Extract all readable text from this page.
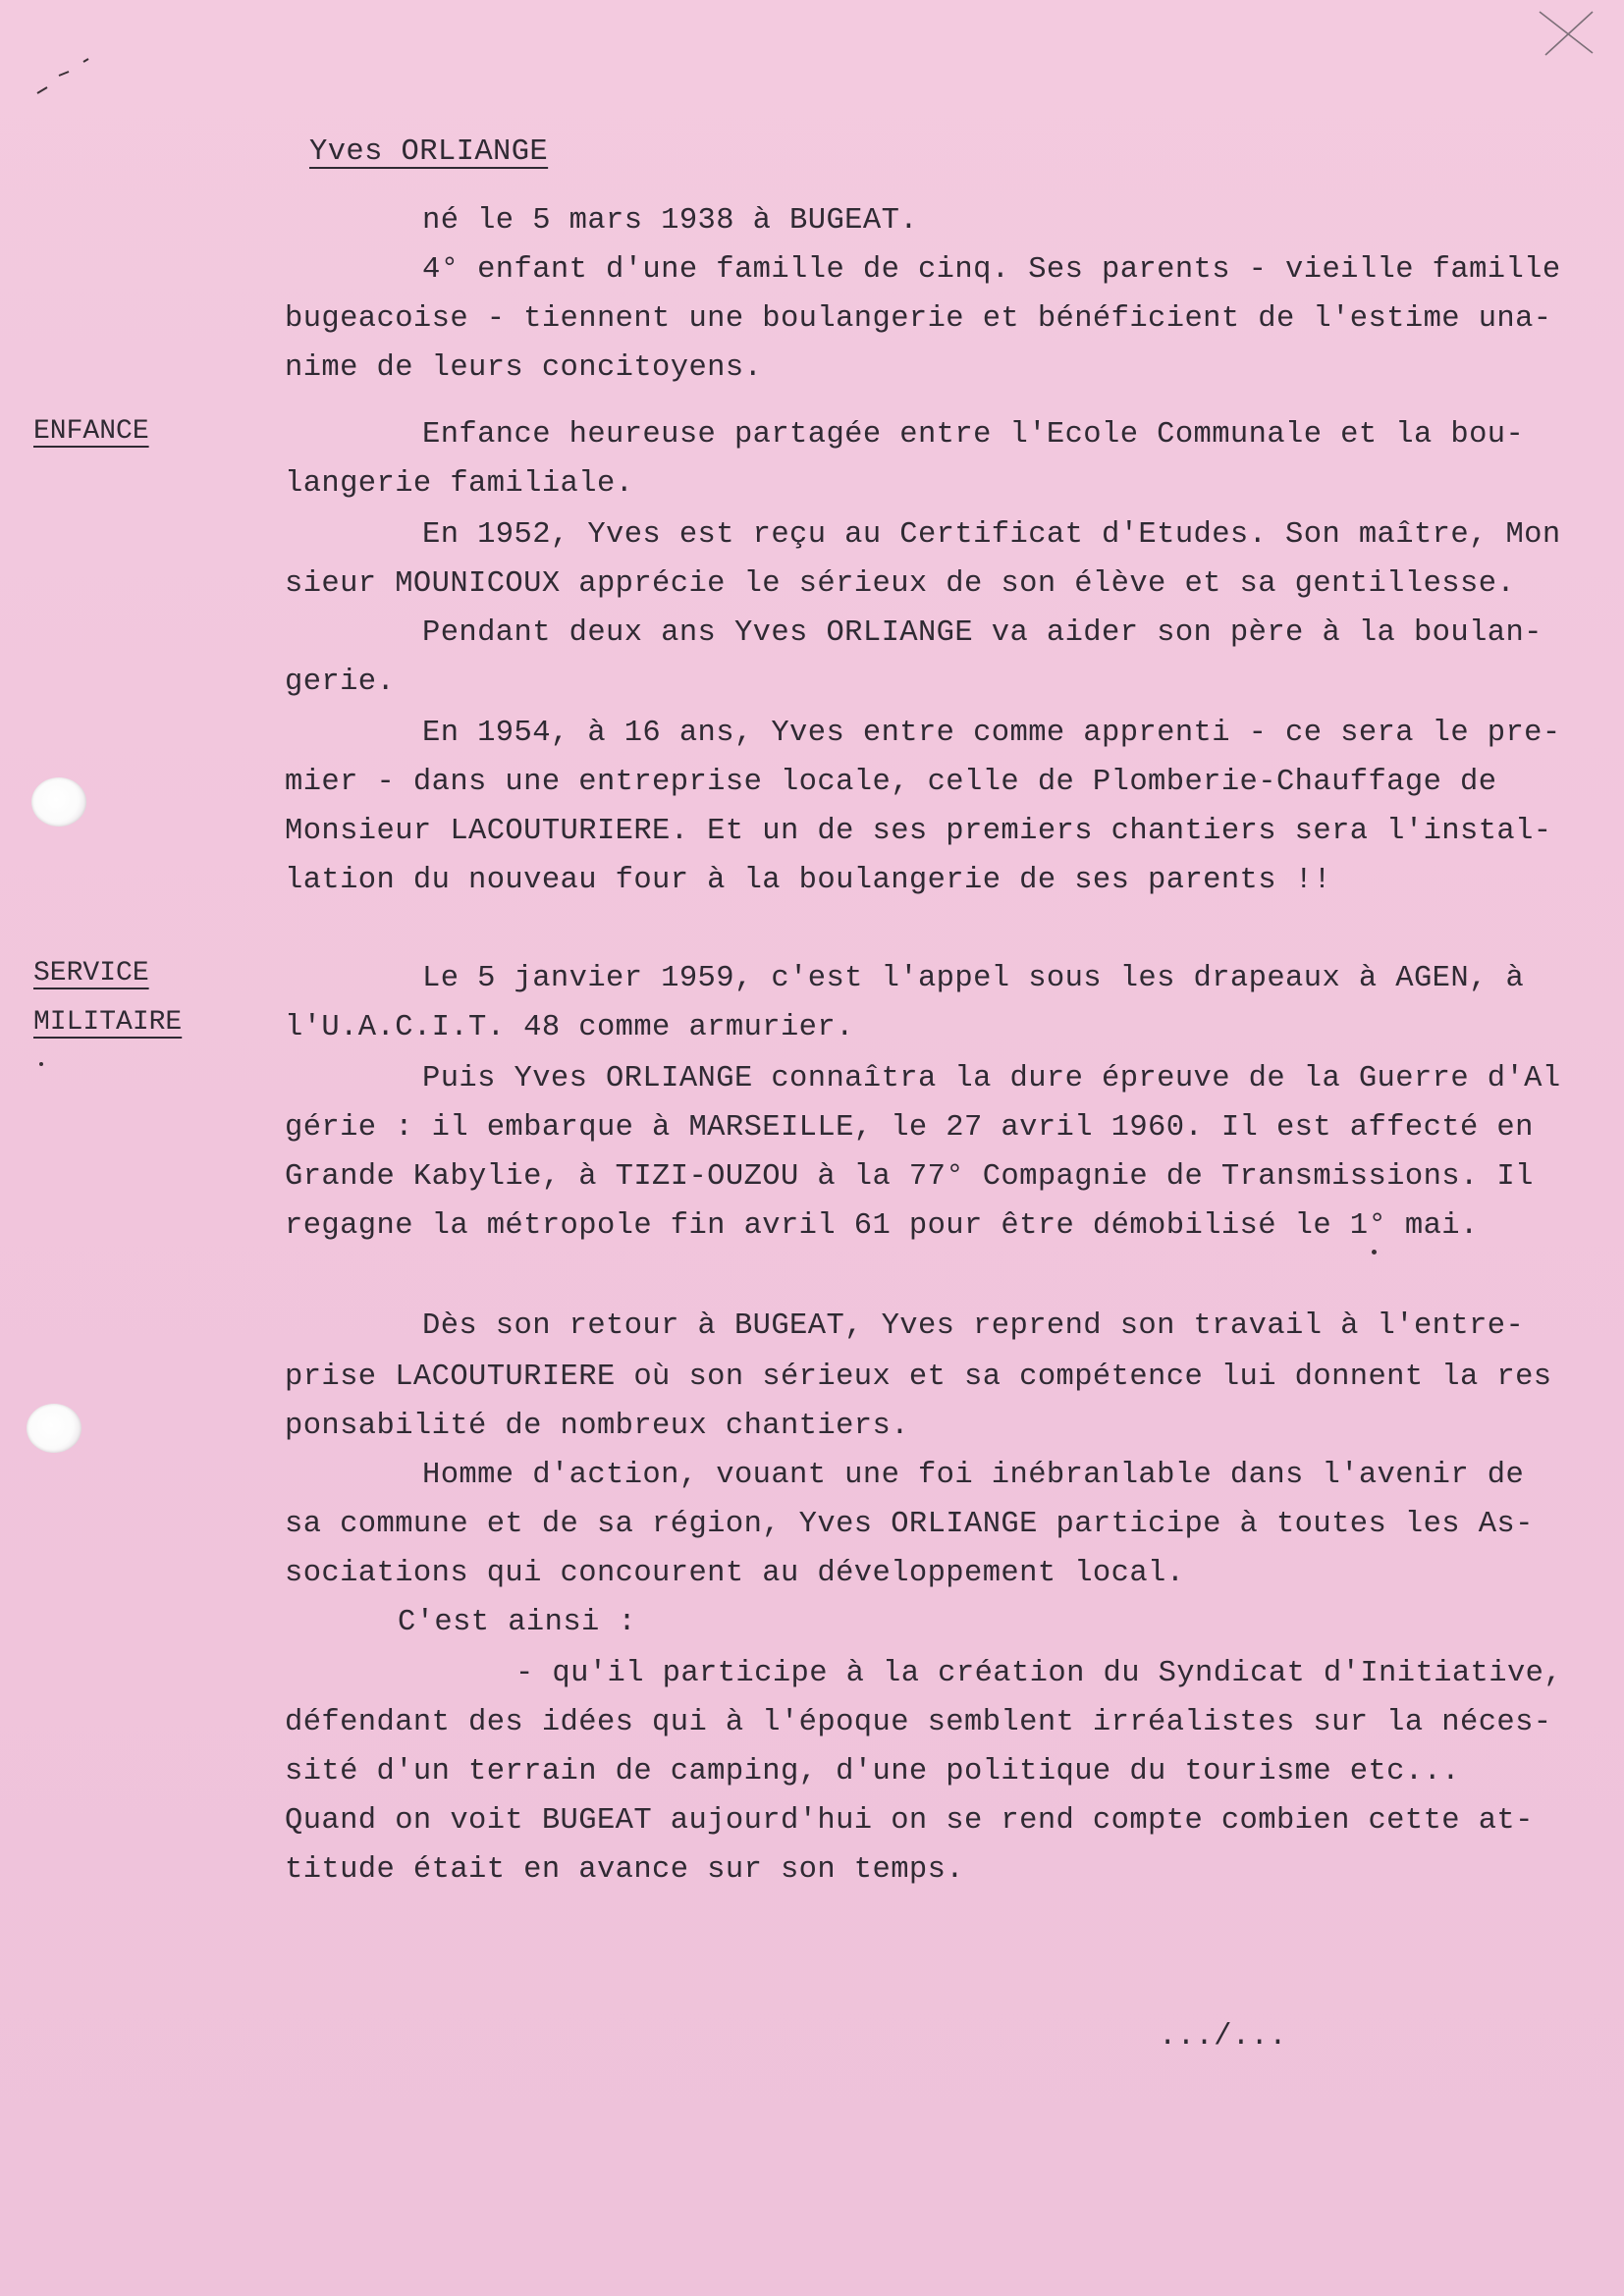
Yves ORLIANGE
ENFANCE
SERVICE
MILITAIRE
né le 5 mars 1938 à BUGEAT.
4° enfant d'une famille de cinq. Ses parents - vieille famille
bugeacoise - tiennent une boulangerie et bénéficient de l'estime una-
nime de leurs concitoyens.
Enfance heureuse partagée entre l'Ecole Communale et la bou-
langerie familiale.
En 1952, Yves est reçu au Certificat d'Etudes. Son maître, Mon
sieur MOUNICOUX apprécie le sérieux de son élève et sa gentillesse.
Pendant deux ans Yves ORLIANGE va aider son père à la boulan-
gerie.
En 1954, à 16 ans, Yves entre comme apprenti - ce sera le pre-
mier - dans une entreprise locale, celle de Plomberie-Chauffage de
Monsieur LACOUTURIERE. Et un de ses premiers chantiers sera l'instal-
lation du nouveau four à la boulangerie de ses parents !!
Le 5 janvier 1959, c'est l'appel sous les drapeaux à AGEN, à
l'U.A.C.I.T. 48 comme armurier.
Puis Yves ORLIANGE connaîtra la dure épreuve de la Guerre d'Al
gérie : il embarque à MARSEILLE, le 27 avril 1960. Il est affecté en
Grande Kabylie, à TIZI-OUZOU à la 77° Compagnie de Transmissions. Il
regagne la métropole fin avril 61 pour être démobilisé le 1° mai.
Dès son retour à BUGEAT, Yves reprend son travail à l'entre-
prise LACOUTURIERE où son sérieux et sa compétence lui donnent la res
ponsabilité de nombreux chantiers.
Homme d'action, vouant une foi inébranlable dans l'avenir de
sa commune et de sa région, Yves ORLIANGE participe à toutes les As-
sociations qui concourent au développement local.
C'est ainsi :
- qu'il participe à la création du Syndicat d'Initiative,
défendant des idées qui à l'époque semblent irréalistes sur la néces-
sité d'un terrain de camping, d'une politique du tourisme etc...
Quand on voit BUGEAT aujourd'hui on se rend compte combien cette at-
titude était en avance sur son temps.
.../...
